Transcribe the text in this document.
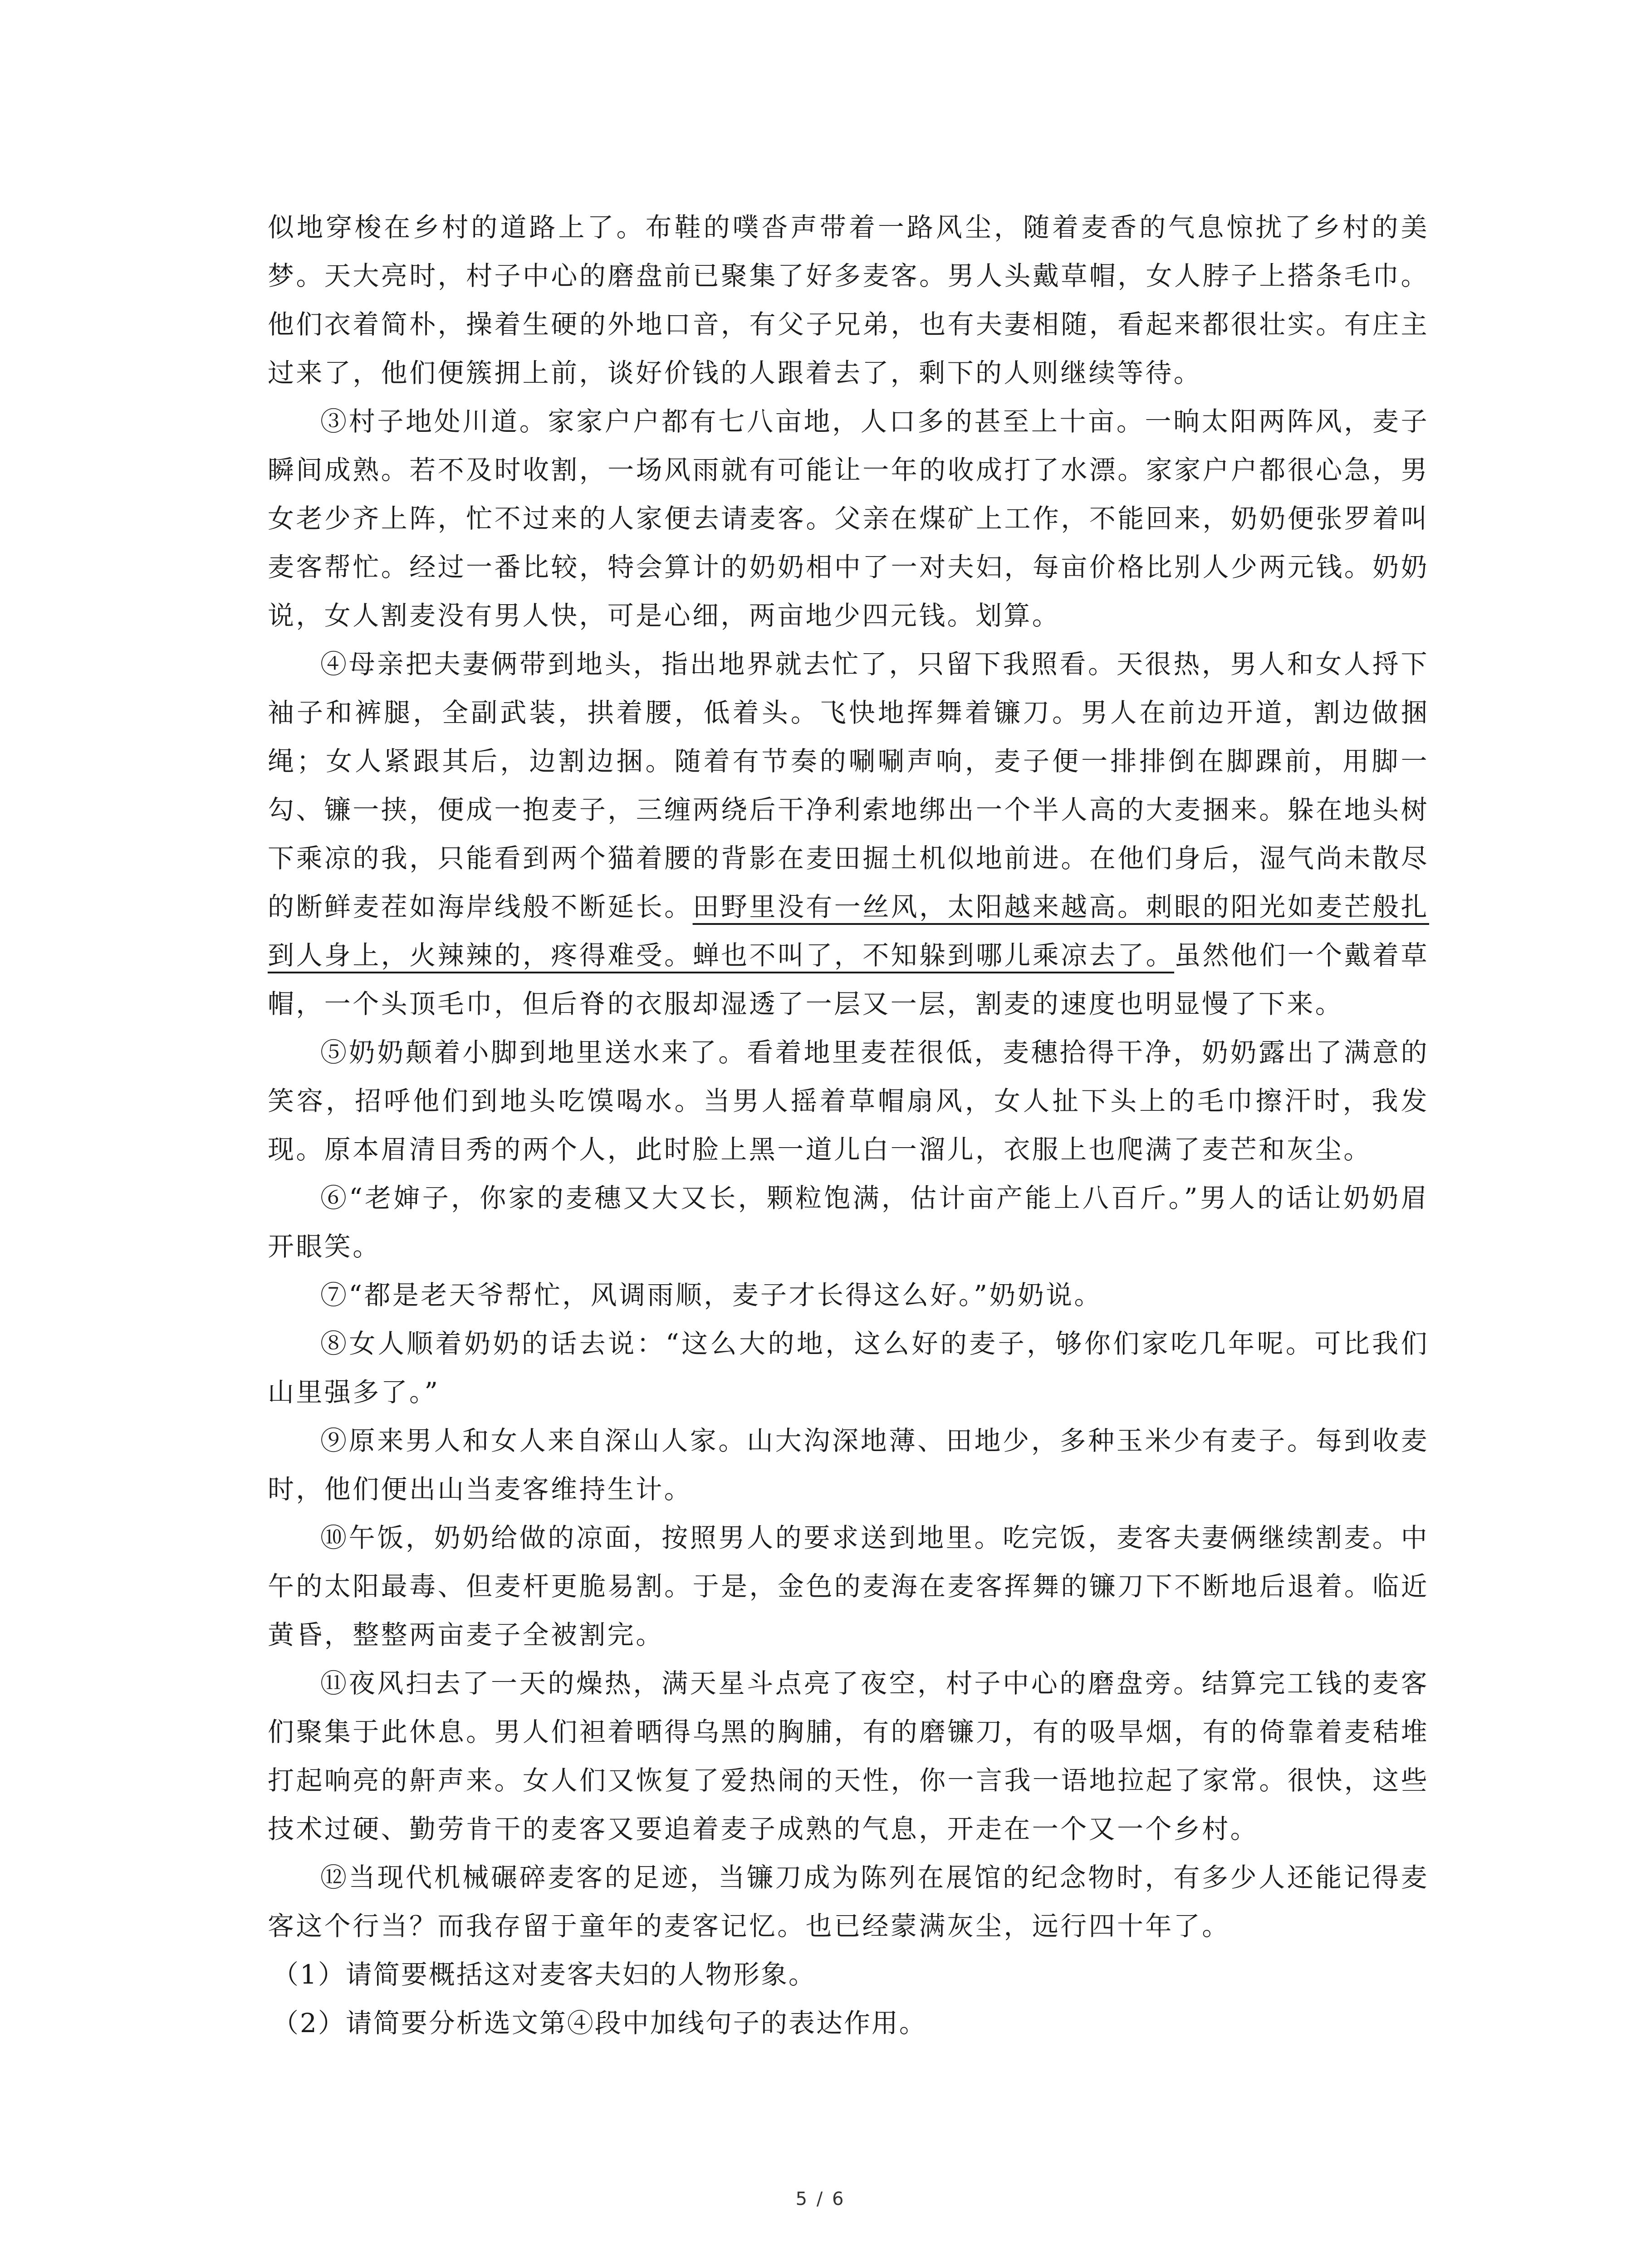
似地穿梭在乡村的道路上了。布鞋的噗沓声带着一路风尘，随着麦香的气息惊扰了乡村的美梦。天大亮时，村子中心的磨盘前已聚集了好多麦客。男人头戴草帽，女人脖子上搭条毛巾。他们衣着简朴，操着生硬的外地口音，有父子兄弟，也有夫妻相随，看起来都很壮实。有庄主过来了，他们便簇拥上前，谈好价钱的人跟着去了，剩下的人则继续等待。

③村子地处川道。家家户户都有七八亩地，人口多的甚至上十亩。一晌太阳两阵风，麦子瞬间成熟。若不及时收割，一场风雨就有可能让一年的收成打了水漂。家家户户都很心急，男女老少齐上阵，忙不过来的人家便去请麦客。父亲在煤矿上工作，不能回来，奶奶便张罗着叫麦客帮忙。经过一番比较，特会算计的奶奶相中了一对夫妇，每亩价格比别人少两元钱。奶奶说，女人割麦没有男人快，可是心细，两亩地少四元钱。划算。

④母亲把夫妻俩带到地头，指出地界就去忙了，只留下我照看。天很热，男人和女人捋下袖子和裤腿，全副武装，拱着腰，低着头。飞快地挥舞着镰刀。男人在前边开道，割边做捆绳；女人紧跟其后，边割边捆。随着有节奏的唰唰声响，麦子便一排排倒在脚踝前，用脚一勾、镰一挟，便成一抱麦子，三缠两绕后干净利索地绑出一个半人高的大麦捆来。躲在地头树下乘凉的我，只能看到两个猫着腰的背影在麦田掘土机似地前进。在他们身后，湿气尚未散尽的断鲜麦茬如海岸线般不断延长。田野里没有一丝风，太阳越来越高。刺眼的阳光如麦芒般扎到人身上，火辣辣的，疼得难受。蝉也不叫了，不知躲到哪儿乘凉去了。虽然他们一个戴着草帽，一个头顶毛巾，但后脊的衣服却湿透了一层又一层，割麦的速度也明显慢了下来。

⑤奶奶颠着小脚到地里送水来了。看着地里麦茬很低，麦穗拾得干净，奶奶露出了满意的笑容，招呼他们到地头吃馍喝水。当男人摇着草帽扇风，女人扯下头上的毛巾擦汗时，我发现。原本眉清目秀的两个人，此时脸上黑一道儿白一溜儿，衣服上也爬满了麦芒和灰尘。

⑥“老婶子，你家的麦穗又大又长，颗粒饱满，估计亩产能上八百斤。”男人的话让奶奶眉开眼笑。

⑦“都是老天爷帮忙，风调雨顺，麦子才长得这么好。”奶奶说。

⑧女人顺着奶奶的话去说：“这么大的地，这么好的麦子，够你们家吃几年呢。可比我们山里强多了。”

⑨原来男人和女人来自深山人家。山大沟深地薄、田地少，多种玉米少有麦子。每到收麦时，他们便出山当麦客维持生计。

⑩午饭，奶奶给做的凉面，按照男人的要求送到地里。吃完饭，麦客夫妻俩继续割麦。中午的太阳最毒、但麦杆更脆易割。于是，金色的麦海在麦客挥舞的镰刀下不断地后退着。临近黄昏，整整两亩麦子全被割完。

⑪夜风扫去了一天的燥热，满天星斗点亮了夜空，村子中心的磨盘旁。结算完工钱的麦客们聚集于此休息。男人们袒着晒得乌黑的胸脯，有的磨镰刀，有的吸旱烟，有的倚靠着麦秸堆打起响亮的鼾声来。女人们又恢复了爱热闹的天性，你一言我一语地拉起了家常。很快，这些技术过硬、勤劳肯干的麦客又要追着麦子成熟的气息，开走在一个又一个乡村。

⑫当现代机械碾碎麦客的足迹，当镰刀成为陈列在展馆的纪念物时，有多少人还能记得麦客这个行当？而我存留于童年的麦客记忆。也已经蒙满灰尘，远行四十年了。

（1）请简要概括这对麦客夫妇的人物形象。

（2）请简要分析选文第④段中加线句子的表达作用。

5 / 6
